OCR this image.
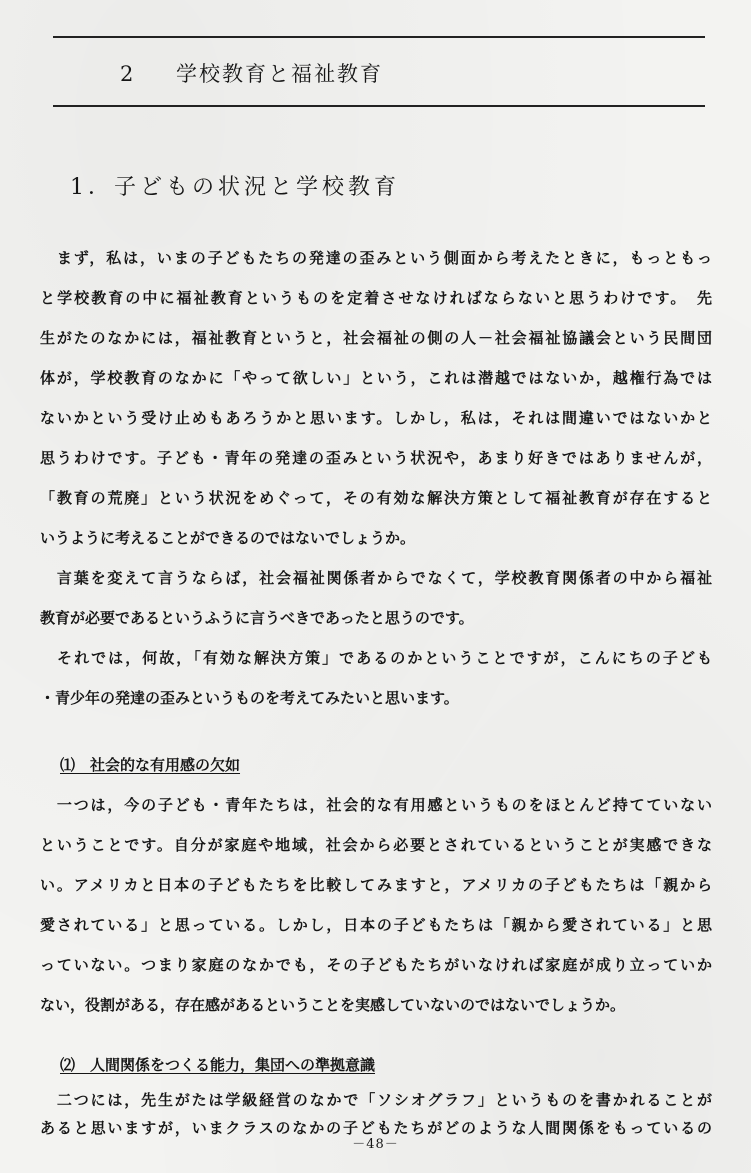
2 学校教育と福祉教育
1．子どもの状況と学校教育
　まず，私は，いまの子どもたちの発達の歪みという側面から考えたときに，もっともっ
と学校教育の中に福祉教育というものを定着させなければならないと思うわけです。　先
生がたのなかには，福祉教育というと，社会福祉の側の人－社会福祉協議会という民間団
体が，学校教育のなかに「やって欲しい」という，これは潜越ではないか，越権行為では
ないかという受け止めもあろうかと思います。しかし，私は，それは間違いではないかと
思うわけです。子ども・青年の発達の歪みという状況や，あまり好きではありませんが，
「教育の荒廃」という状況をめぐって，その有効な解決方策として福祉教育が存在すると
いうように考えることができるのではないでしょうか。
　言葉を変えて言うならば，社会福祉関係者からでなくて，学校教育関係者の中から福祉
教育が必要であるというふうに言うべきであったと思うのです。
　それでは，何故，「有効な解決方策」であるのかということですが，こんにちの子ども
・青少年の発達の歪みというものを考えてみたいと思います。
⑴　社会的な有用感の欠如
　一つは，今の子ども・青年たちは，社会的な有用感というものをほとんど持てていない
ということです。自分が家庭や地域，社会から必要とされているということが実感できな
い。アメリカと日本の子どもたちを比較してみますと，アメリカの子どもたちは「親から
愛されている」と思っている。しかし，日本の子どもたちは「親から愛されている」と思
っていない。つまり家庭のなかでも，その子どもたちがいなければ家庭が成り立っていか
ない，役割がある，存在感があるということを実感していないのではないでしょうか。
⑵　人間関係をつくる能力，集団への準拠意識
　二つには，先生がたは学級経営のなかで「ソシオグラフ」というものを書かれることが
あると思いますが，いまクラスのなかの子どもたちがどのような人間関係をもっているの
－48－
